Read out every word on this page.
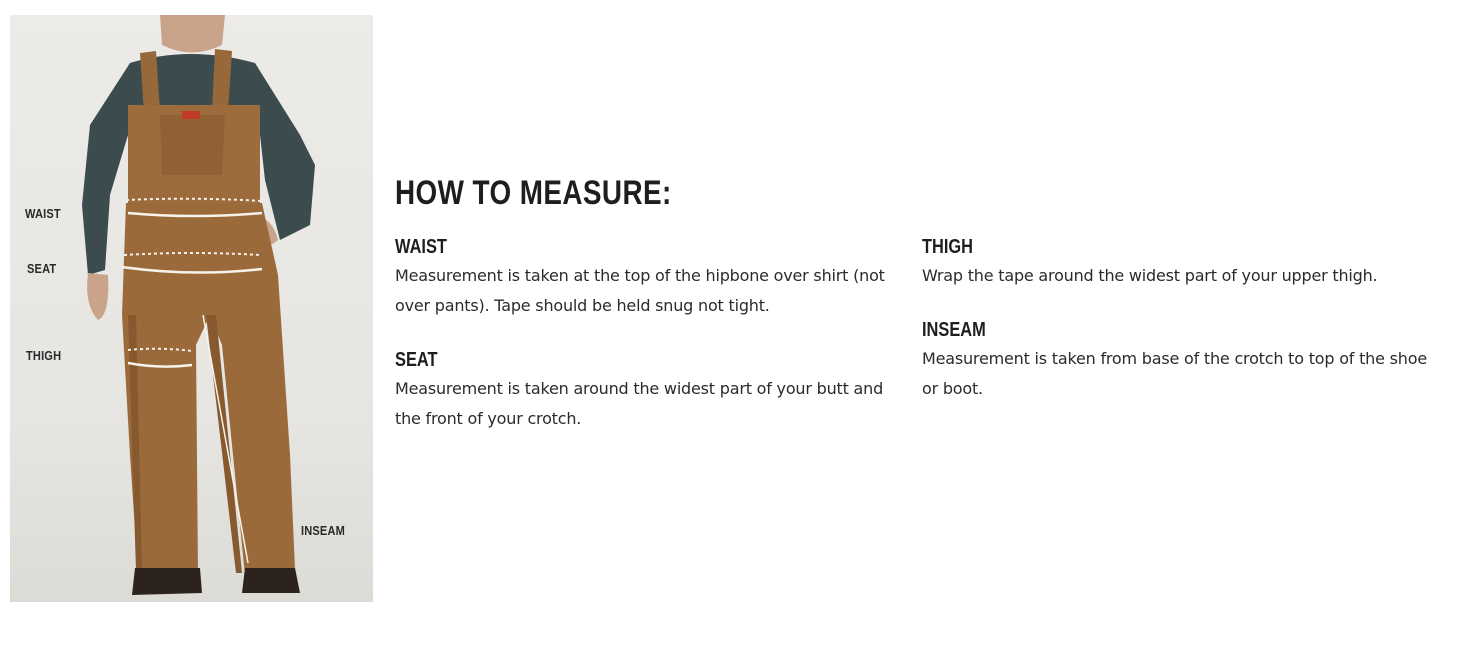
WAIST
SEAT
THIGH
INSEAM
HOW TO MEASURE:
WAIST

Measurement is taken at the top of the hipbone over shirt (not over pants). Tape should be held snug not tight.

SEAT

Measurement is taken around the widest part of your butt and the front of your crotch.

THIGH

Wrap the tape around the widest part of your upper thigh.

INSEAM

Measurement is taken from base of the crotch to top of the shoe or boot.
